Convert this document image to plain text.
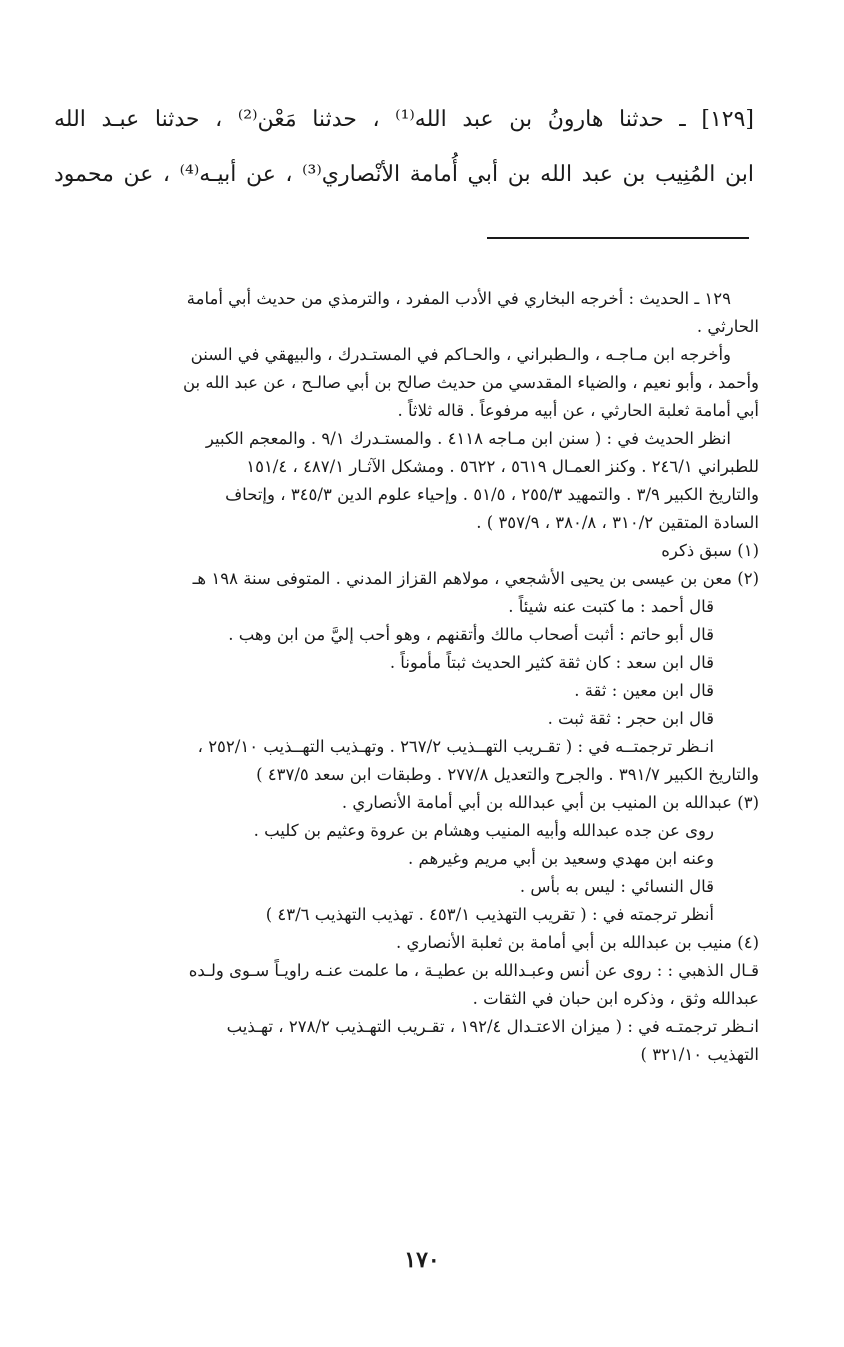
[١٢٩] ـ حدثنا هارونُ بن عبد الله⁽¹⁾ ، حدثنا مَعْن⁽²⁾ ، حدثنا عبـد الله

ابن المُنِيب بن عبد الله بن أبي أُمامة الأنْصاري⁽³⁾ ، عن أبيـه⁽⁴⁾ ، عن محمود

١٢٩ ـ الحديث : أخرجه البخاري في الأدب المفرد ، والترمذي من حديث أبي أمامة

الحارثي .

وأخرجه ابن مـاجـه ، والـطبراني ، والحـاكم في المستـدرك ، والبيهقي في السنن

وأحمد ، وأبو نعيم ، والضياء المقدسي من حديث صالح بن أبي صالـح ، عن عبد الله بن

أبي أمامة ثعلبة الحارثي ، عن أبيه مرفوعاً . قاله ثلاثاً .

انظر الحديث في : ( سنن ابن مـاجه ٤١١٨ . والمستـدرك ٩/١ . والمعجم الكبير

للطبراني ٢٤٦/١ . وكنز العمـال ٥٦١٩ ، ٥٦٢٢ . ومشكل الآثـار ٤٨٧/١ ، ١٥١/٤

والتاريخ الكبير ٣/٩ . والتمهيد ٢٥٥/٣ ، ٥١/٥ . وإحياء علوم الدين ٣٤٥/٣ ، وإتحاف

السادة المتقين ٣١٠/٢ ، ٣٨٠/٨ ، ٣٥٧/٩ ) .

(١) سبق ذكره

(٢) معن بن عيسى بن يحيى الأشجعي ، مولاهم القزاز المدني . المتوفى سنة ١٩٨ هـ

قال أحمد : ما كتبت عنه شيئاً .

قال أبو حاتم : أثبت أصحاب مالك وأتقنهم ، وهو أحب إليَّ من ابن وهب .

قال ابن سعد : كان ثقة كثير الحديث ثبتاً مأموناً .

قال ابن معين : ثقة .

قال ابن حجر : ثقة ثبت .

انـظر ترجمتــه في : ( تقـريب التهــذيب ٢٦٧/٢ . وتهـذيب التهــذيب ٢٥٢/١٠ ،

والتاريخ الكبير ٣٩١/٧ . والجرح والتعديل ٢٧٧/٨ . وطبقات ابن سعد ٤٣٧/٥ )

(٣) عبدالله بن المنيب بن أبي عبدالله بن أبي أمامة الأنصاري .

روى عن جده عبدالله وأبيه المنيب وهشام بن عروة وعثيم بن كليب .

وعنه ابن مهدي وسعيد بن أبي مريم وغيرهم .

قال النسائي : ليس به بأس .

أنظر ترجمته في : ( تقريب التهذيب ٤٥٣/١ . تهذيب التهذيب ٤٣/٦ )

(٤) منيب بن عبدالله بن أبي أمامة بن ثعلبة الأنصاري .

قـال الذهبي : : روى عن أنس وعبـدالله بن عطيـة ، ما علمت عنـه راويـاً سـوى ولـده

عبدالله وثق ، وذكره ابن حبان في الثقات .

انـظر ترجمتـه في : ( ميزان الاعتـدال ١٩٢/٤ ، تقـريب التهـذيب ٢٧٨/٢ ، تهـذيب

التهذيب ٣٢١/١٠ )

١٧٠
